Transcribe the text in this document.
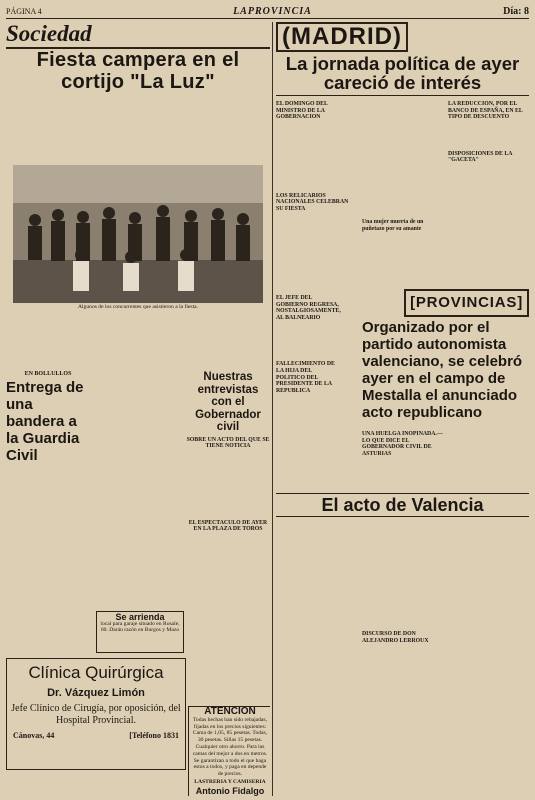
PÁGINA 4	LAPROVINCIA	Día: 8
Sociedad
Fiesta campera en el cortijo "La Luz"

Algunos de los concurrentes que asistieron a la fiesta.
EN BOLLULLOS
Entrega de una bandera a la Guardia Civil
Nuestras entrevistas con el Gobernador civil
SOBRE UN ACTO DEL QUE SE TIENE NOTICIA
EL ESPECTACULO DE AYER EN LA PLAZA DE TOROS
Se arrienda
local para garaje situado en Rosale, 60. Darán razón en Burgos y Mazo
Clínica Quirúrgica
Dr. Vázquez Limón
Jefe Clínico de Cirugía, por oposición, del Hospital Provincial.
Cánovas, 44	[Teléfono 1831
ATENCION
Todas hechas han sido rebajadas, fijadas en los precios siguientes: Cama de 1,05, 85 pesetas. Todas, 30 pesetas. Sillas 15 pesetas. Cualquier otro ahorro. Para las camas del mejor a dos en metros. Se garantizan a todo el que haga estos a todos, y paga en depende de precios.
LASTRERIA Y CAMISERIA
Antonio Fidalgo
(MADRID)
La jornada política de ayer careció de interés
EL DOMINGO DEL MINISTRO DE LA GOBERNACION
LOS RELICARIOS NACIONALES CELEBRAN SU FIESTA
Una mujer muerta de un puñetazo por su amante
LA REDUCCION, POR EL BANCO DE ESPAÑA, EN EL TIPO DE DESCUENTO
DISPOSICIONES DE LA "GACETA"
EL JEFE DEL GOBIERNO REGRESA, NOSTALGIOSAMENTE, AL BALNEARIO
FALLECIMIENTO DE LA HIJA DEL POLITICO DEL PRESIDENTE DE LA REPUBLICA
[PROVINCIAS]
Organizado por el partido autonomista valenciano, se celebró ayer en el campo de Mestalla el anunciado acto republicano
UNA HUELGA INOPINADA.—LO QUE DICE EL GOBERNADOR CIVIL DE ASTURIAS
El acto de Valencia
DISCURSO DE DON ALEJANDRO LERROUX
